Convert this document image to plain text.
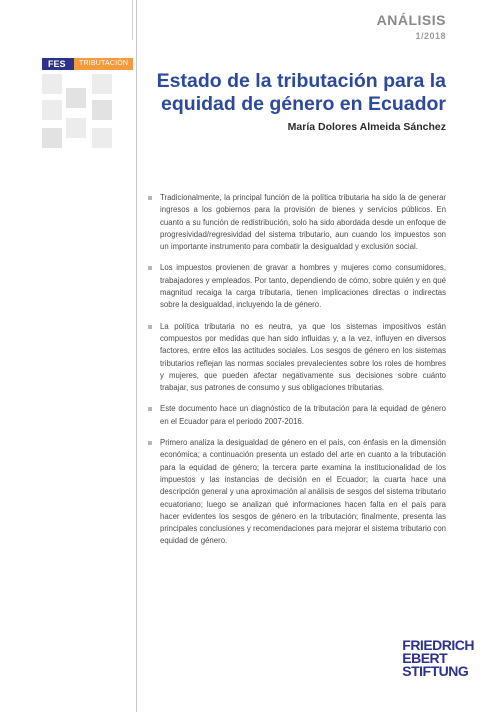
ANÁLISIS
1/2018
FES	TRIBUTACIÓN
Estado de la tributación para la equidad de género en Ecuador
María Dolores Almeida Sánchez

Tradicionalmente, la principal función de la política tributaria ha sido la de generar ingresos a los gobiernos para la provisión de bienes y servicios públicos. En cuanto a su función de redistribución, solo ha sido abordada desde un enfoque de progresividad/regresividad del sistema tributario, aun cuando los impuestos son un importante instrumento para combatir la desigualdad y exclusión social.

Los impuestos provienen de gravar a hombres y mujeres como consumidores, trabajadores y empleados. Por tanto, dependiendo de cómo, sobre quién y en qué magnitud recaiga la carga tributaria, tienen implicaciones directas o indirectas sobre la desigualdad, incluyendo la de género.

La política tributaria no es neutra, ya que los sistemas impositivos están compuestos por medidas que han sido influidas y, a la vez, influyen en diversos factores, entre ellos las actitudes sociales. Los sesgos de género en los sistemas tributarios reflejan las normas sociales prevalecientes sobre los roles de hombres y mujeres, que pueden afectar negativamente sus decisiones sobre cuánto trabajar, sus patrones de consumo y sus obligaciones tributarias.

Este documento hace un diagnóstico de la tributación para la equidad de género en el Ecuador para el periodo 2007-2016.

Primero analiza la desigualdad de género en el país, con énfasis en la dimensión económica; a continuación presenta un estado del arte en cuanto a la tributación para la equidad de género; la tercera parte examina la institucionalidad de los impuestos y las instancias de decisión en el Ecuador; la cuarta hace una descripción general y una aproximación al análisis de sesgos del sistema tributario ecuatoriano; luego se analizan qué informaciones hacen falta en el país para hacer evidentes los sesgos de género en la tributación; finalmente, presenta las principales conclusiones y recomendaciones para mejorar el sistema tributario con equidad de género.

FRIEDRICH
EBERT
STIFTUNG
